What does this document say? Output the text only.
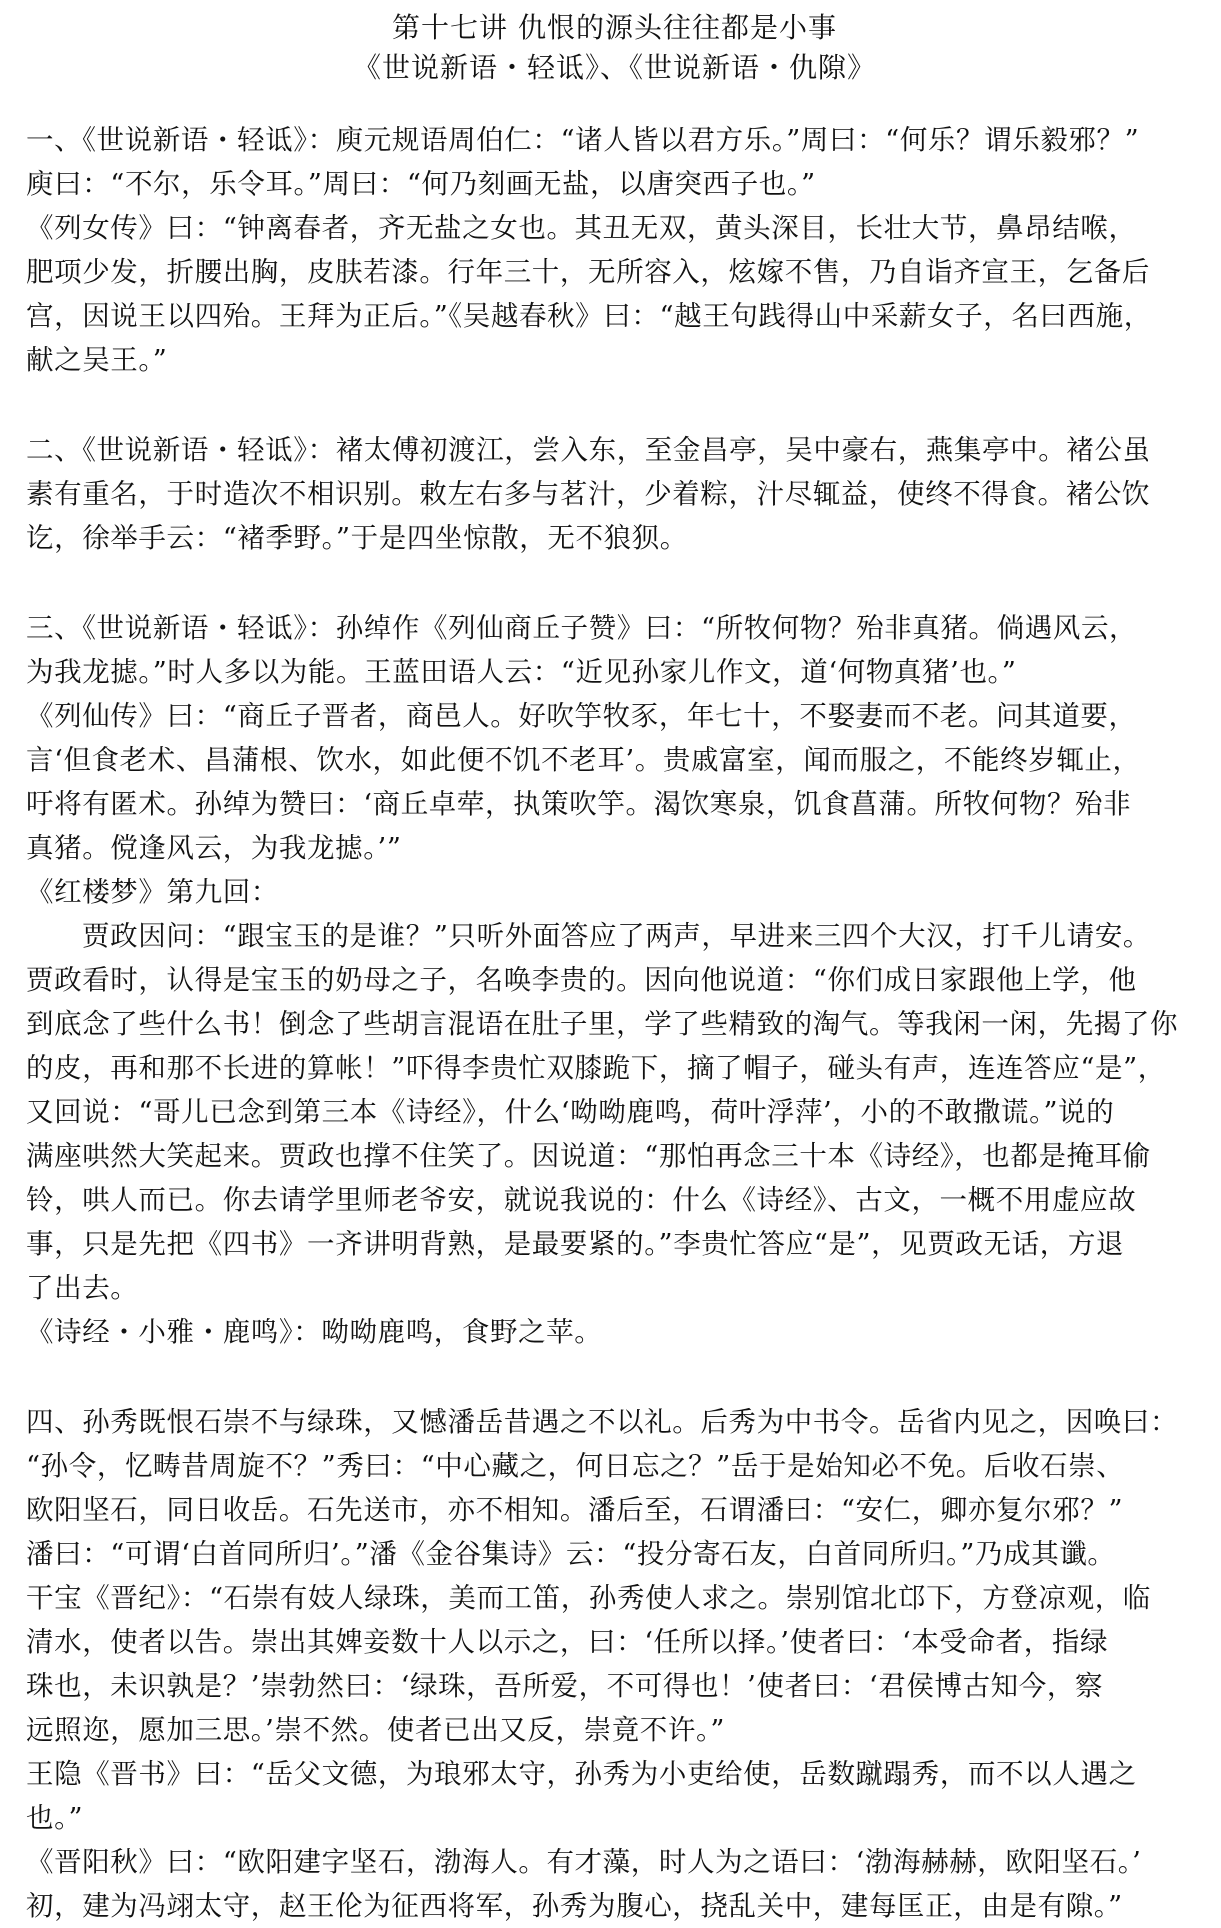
第十七讲 仇恨的源头往往都是小事
《世说新语・轻诋》、《世说新语・仇隙》
一、《世说新语・轻诋》：庾元规语周伯仁：“诸人皆以君方乐。”周曰：“何乐？谓乐毅邪？”
庾曰：“不尔，乐令耳。”周曰：“何乃刻画无盐，以唐突西子也。”
《列女传》曰：“钟离春者，齐无盐之女也。其丑无双，黄头深目，长壮大节，鼻昂结喉，
肥项少发，折腰出胸，皮肤若漆。行年三十，无所容入，炫嫁不售，乃自诣齐宣王，乞备后
宫，因说王以四殆。王拜为正后。”《吴越春秋》曰：“越王句践得山中采薪女子，名曰西施，
献之吴王。”
二、《世说新语・轻诋》：褚太傅初渡江，尝入东，至金昌亭，吴中豪右，燕集亭中。褚公虽
素有重名，于时造次不相识别。敕左右多与茗汁，少着粽，汁尽辄益，使终不得食。褚公饮
讫，徐举手云：“褚季野。”于是四坐惊散，无不狼狈。
三、《世说新语・轻诋》：孙绰作《列仙商丘子赞》曰：“所牧何物？殆非真猪。倘遇风云，
为我龙摅。”时人多以为能。王蓝田语人云：“近见孙家儿作文，道‘何物真猪’也。”
《列仙传》曰：“商丘子晋者，商邑人。好吹竽牧豕，年七十，不娶妻而不老。问其道要，
言‘但食老术、昌蒲根、饮水，如此便不饥不老耳’。贵戚富室，闻而服之，不能终岁辄止，
吁将有匿术。孙绰为赞曰：‘商丘卓荦，执策吹竽。渴饮寒泉，饥食菖蒲。所牧何物？殆非
真猪。傥逢风云，为我龙摅。’”
《红楼梦》第九回：
贾政因问：“跟宝玉的是谁？”只听外面答应了两声，早进来三四个大汉，打千儿请安。
贾政看时，认得是宝玉的奶母之子，名唤李贵的。因向他说道：“你们成日家跟他上学，他
到底念了些什么书！倒念了些胡言混语在肚子里，学了些精致的淘气。等我闲一闲，先揭了你
的皮，再和那不长进的算帐！”吓得李贵忙双膝跪下，摘了帽子，碰头有声，连连答应“是”，
又回说：“哥儿已念到第三本《诗经》，什么‘呦呦鹿鸣，荷叶浮萍’，小的不敢撒谎。”说的
满座哄然大笑起来。贾政也撑不住笑了。因说道：“那怕再念三十本《诗经》，也都是掩耳偷
铃，哄人而已。你去请学里师老爷安，就说我说的：什么《诗经》、古文，一概不用虚应故
事，只是先把《四书》一齐讲明背熟，是最要紧的。”李贵忙答应“是”，见贾政无话，方退
了出去。
《诗经・小雅・鹿鸣》：呦呦鹿鸣，食野之苹。
四、孙秀既恨石崇不与绿珠，又憾潘岳昔遇之不以礼。后秀为中书令。岳省内见之，因唤曰：
“孙令，忆畴昔周旋不？”秀曰：“中心藏之，何日忘之？”岳于是始知必不免。后收石崇、
欧阳坚石，同日收岳。石先送市，亦不相知。潘后至，石谓潘曰：“安仁，卿亦复尔邪？”
潘曰：“可谓‘白首同所归’。”潘《金谷集诗》云：“投分寄石友，白首同所归。”乃成其谶。
干宝《晋纪》：“石崇有妓人绿珠，美而工笛，孙秀使人求之。崇别馆北邙下，方登凉观，临
清水，使者以告。崇出其婢妾数十人以示之，曰：‘任所以择。’使者曰：‘本受命者，指绿
珠也，未识孰是？’崇勃然曰：‘绿珠，吾所爱，不可得也！’使者曰：‘君侯博古知今，察
远照迩，愿加三思。’崇不然。使者已出又反，崇竟不许。”
王隐《晋书》曰：“岳父文德，为琅邪太守，孙秀为小吏给使，岳数蹴蹋秀，而不以人遇之
也。”
《晋阳秋》曰：“欧阳建字坚石，渤海人。有才藻，时人为之语曰：‘渤海赫赫，欧阳坚石。’
初，建为冯翊太守，赵王伦为征西将军，孙秀为腹心，挠乱关中，建每匡正，由是有隙。”
